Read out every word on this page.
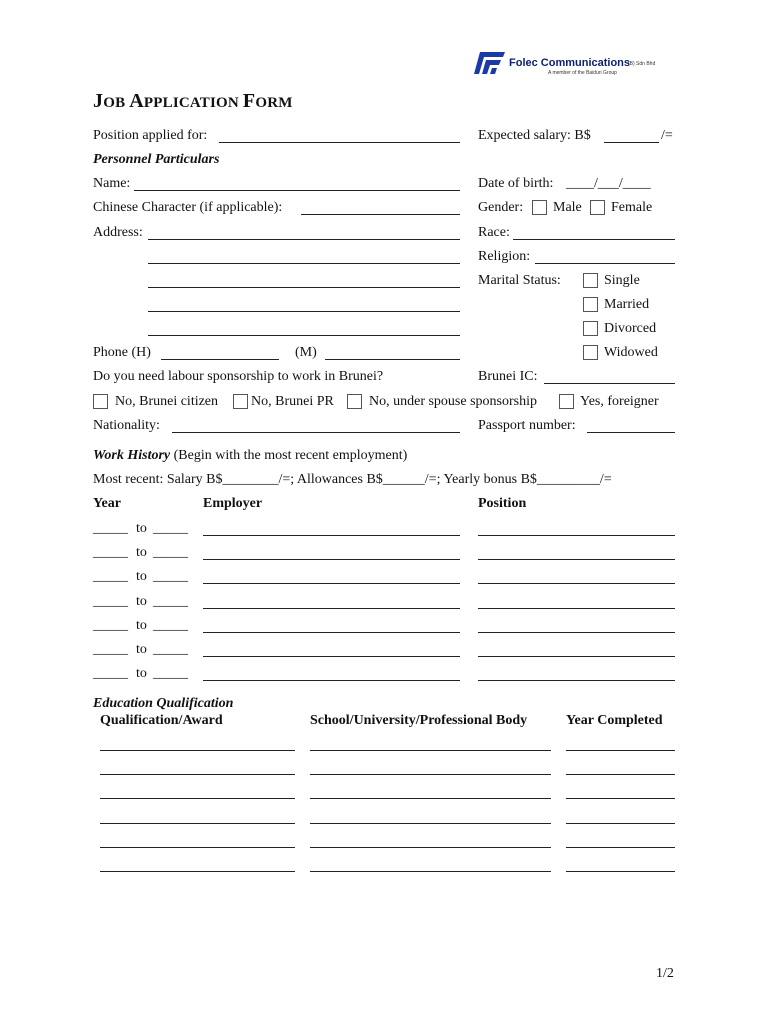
Folec Communications
(B) Sdn Bhd
A member of the Baiduri Group
JOB APPLICATION FORM
Position applied for:	Expected salary: B$	/=
Personnel Particulars
Name:	Date of birth: ____/___/____
Chinese Character (if applicable):	Gender: Male Female
Address:	Race:
Religion:
Marital Status:	Single
Married
Divorced
Widowed
Phone (H)	(M)
Do you need labour sponsorship to work in Brunei?	Brunei IC:
No, Brunei citizen No, Brunei PR	No, under spouse sponsorship	Yes, foreigner
Nationality:	Passport number:
Work History (Begin with the most recent employment)
Most recent: Salary B$________/=; Allowances B$______/=; Yearly bonus B$_________/=
Year	Employer	Position
_____ to _____
_____ to _____
_____ to _____
_____ to _____
_____ to _____
_____ to _____
_____ to _____
Education Qualification
Qualification/Award	School/University/Professional Body	Year Completed
1/2
